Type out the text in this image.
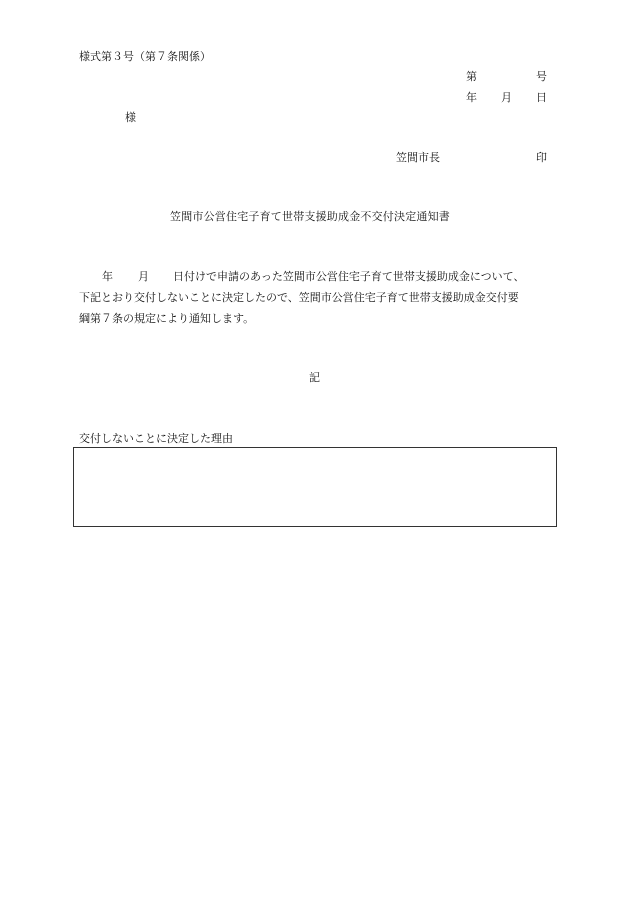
様式第３号（第７条関係）
第	号
年 月 日
様
笠間市長	印
笠間市公営住宅子育て世帯支援助成金不交付決定通知書
年 月 日付けで申請のあった笠間市公営住宅子育て世帯支援助成金について、
下記とおり交付しないことに決定したので、笠間市公営住宅子育て世帯支援助成金交付要
綱第７条の規定により通知します。
記
交付しないことに決定した理由
